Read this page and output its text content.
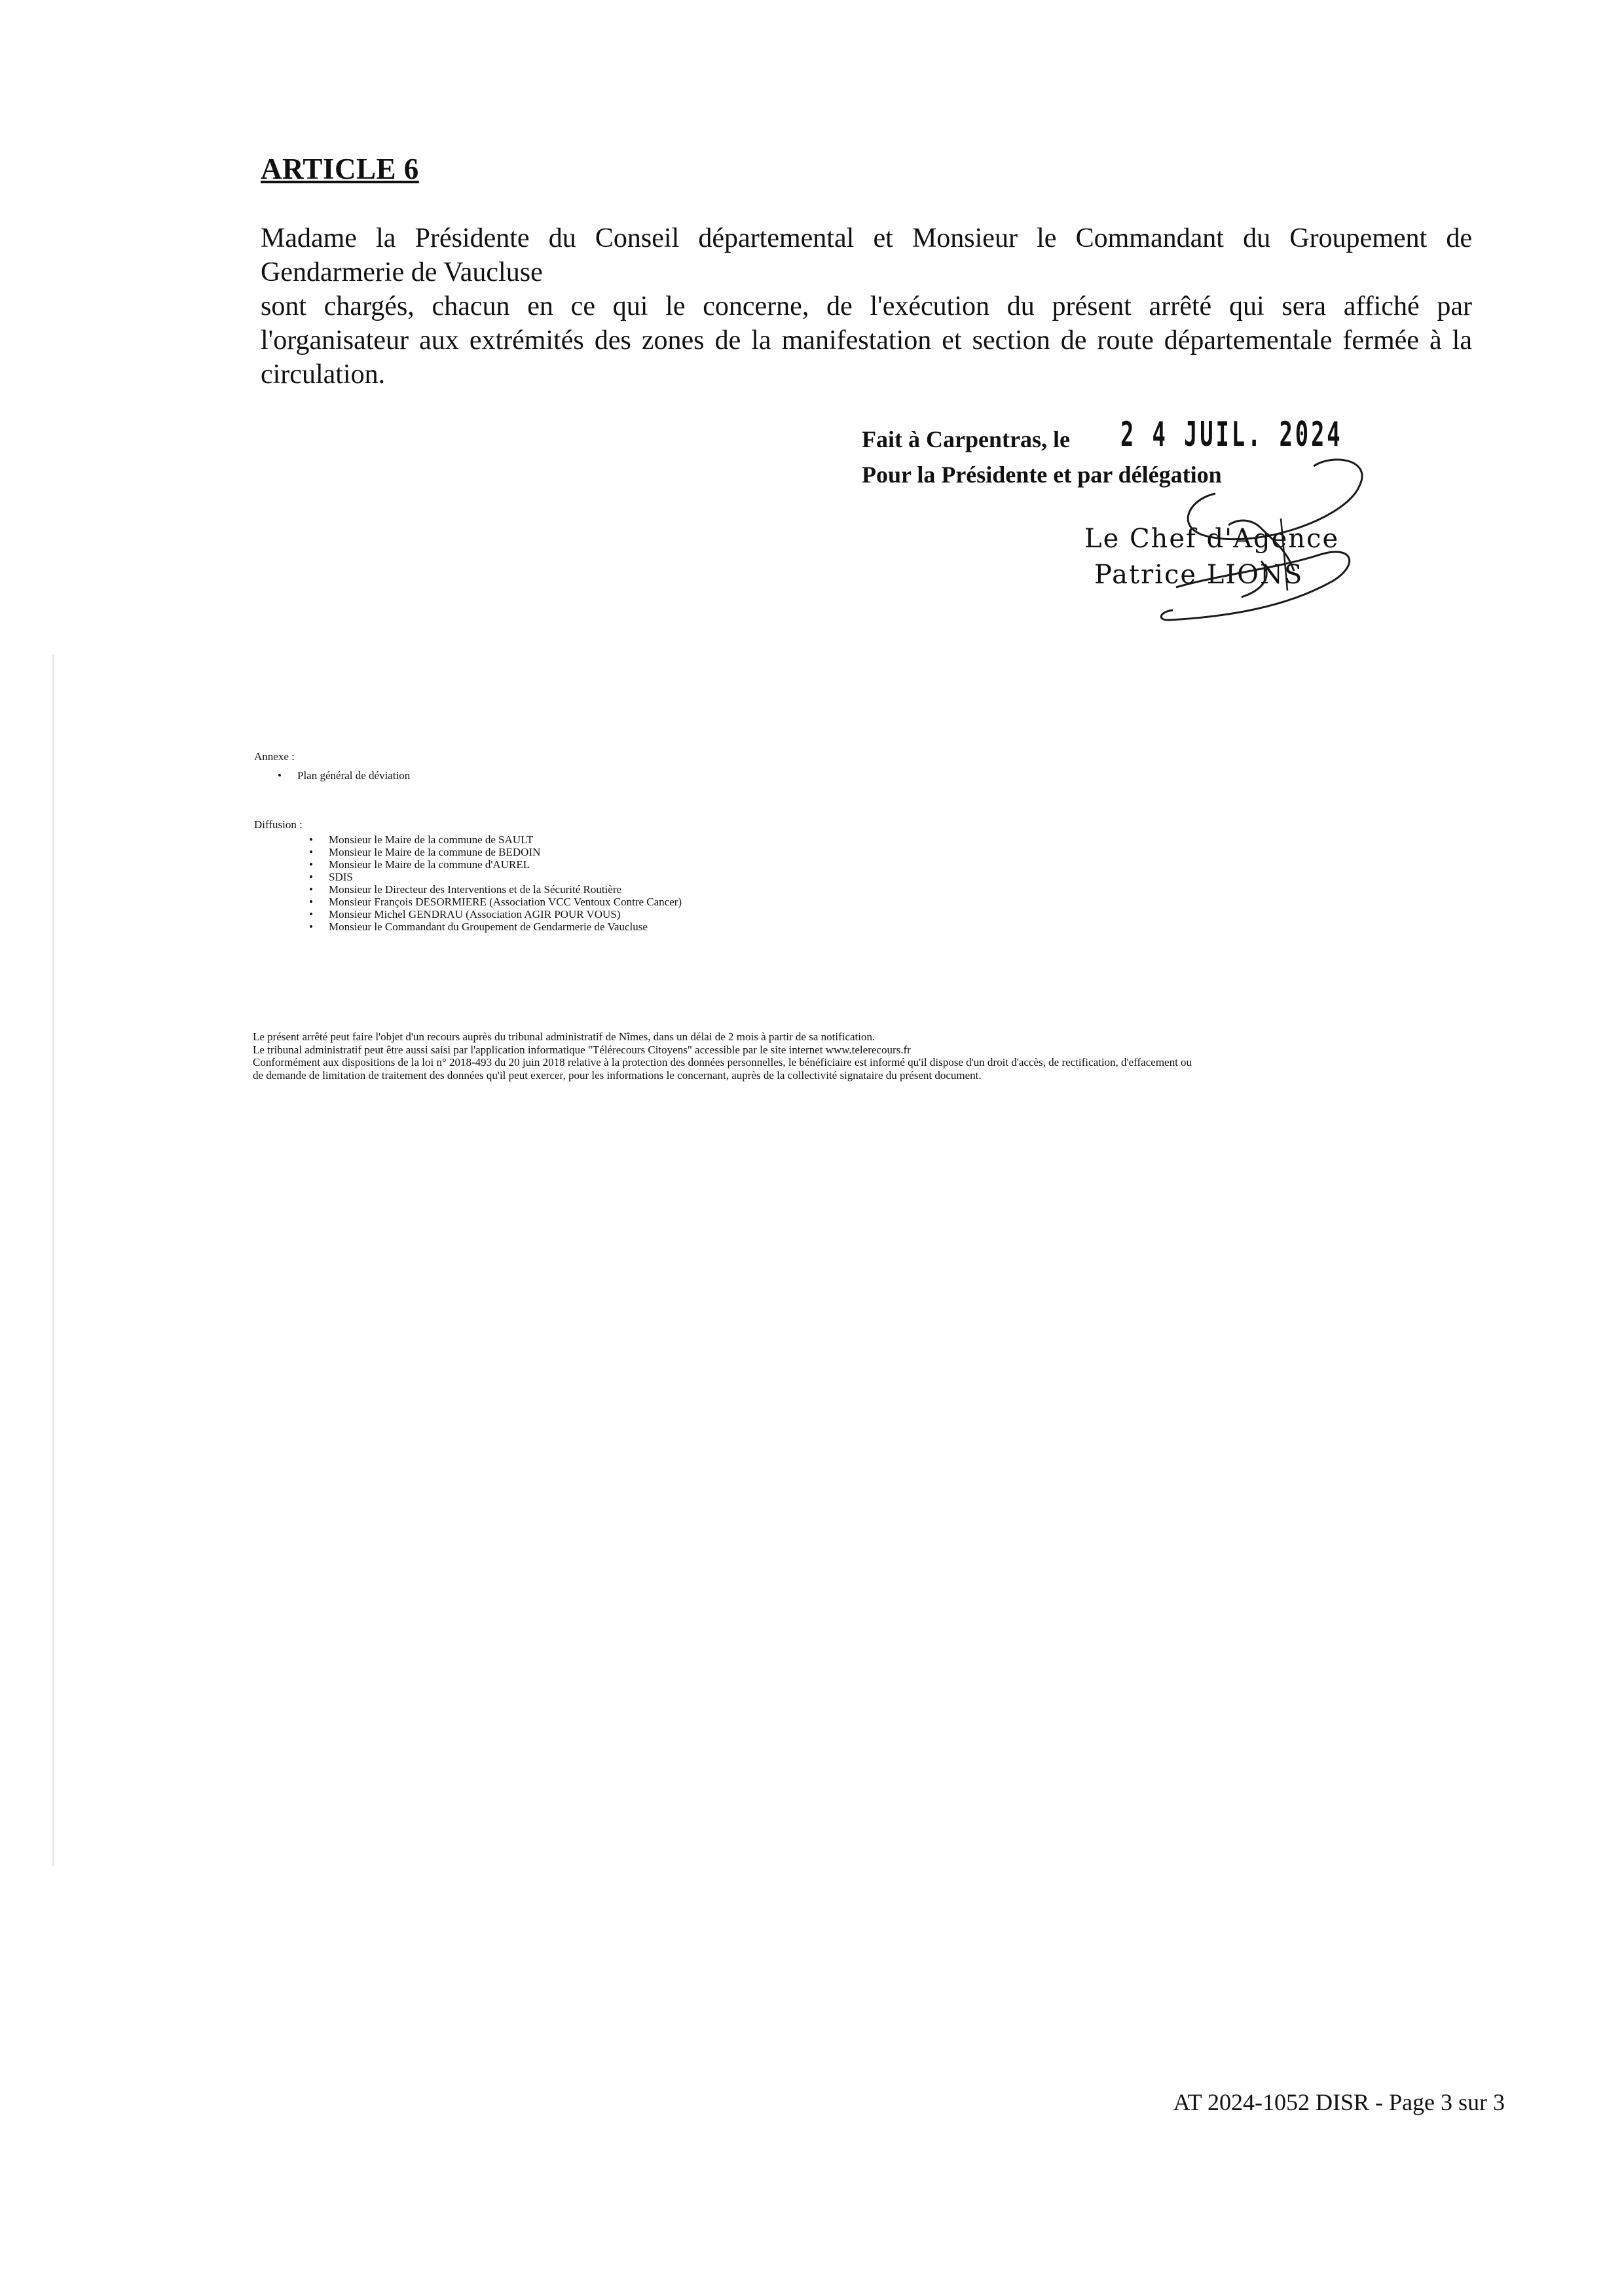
ARTICLE 6
Madame la Présidente du Conseil départemental et Monsieur le Commandant du Groupement de
Gendarmerie de Vaucluse
sont chargés, chacun en ce qui le concerne, de l'exécution du présent arrêté qui sera affiché par
l'organisateur aux extrémités des zones de la manifestation et section de route départementale fermée à la
circulation.
Fait à Carpentras, le 2 4 JUIL. 2024
Pour la Présidente et par délégation
Le Chef d'Agence
Patrice LIONS

Annexe :

• Plan général de déviation

Diffusion :

• Monsieur le Maire de la commune de SAULT
• Monsieur le Maire de la commune de BEDOIN
• Monsieur le Maire de la commune d'AUREL
• SDIS
• Monsieur le Directeur des Interventions et de la Sécurité Routière
• Monsieur François DESORMIERE (Association VCC Ventoux Contre Cancer)
• Monsieur Michel GENDRAU (Association AGIR POUR VOUS)
• Monsieur le Commandant du Groupement de Gendarmerie de Vaucluse

Le présent arrêté peut faire l'objet d'un recours auprès du tribunal administratif de Nîmes, dans un délai de 2 mois à partir de sa notification.

Le tribunal administratif peut être aussi saisi par l'application informatique "Télérecours Citoyens" accessible par le site internet www.telerecours.fr

Conformément aux dispositions de la loi n° 2018-493 du 20 juin 2018 relative à la protection des données personnelles, le bénéficiaire est informé qu'il dispose d'un droit d'accès, de rectification, d'effacement ou

de demande de limitation de traitement des données qu'il peut exercer, pour les informations le concernant, auprès de la collectivité signataire du présent document.

AT 2024-1052 DISR - Page 3 sur 3
